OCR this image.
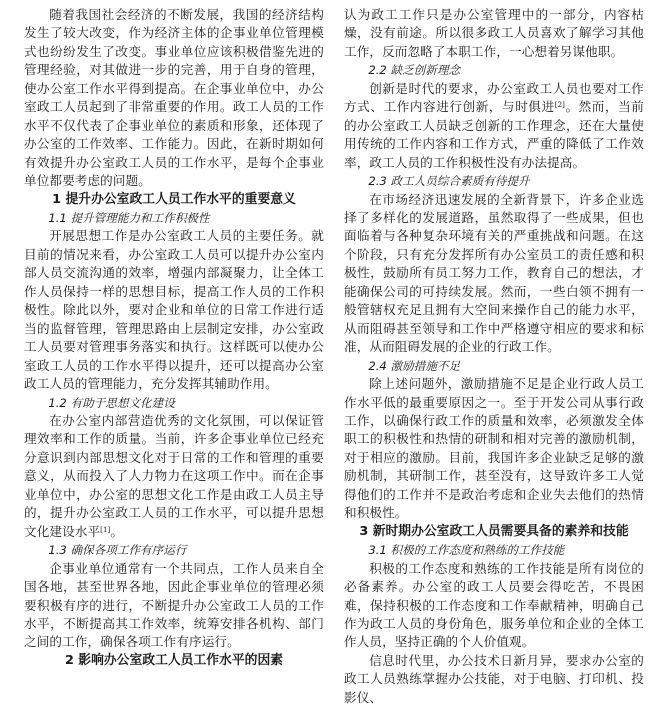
随着我国社会经济的不断发展，我国的经济结构发生了较大改变，作为经济主体的企事业单位管理模式也纷纷发生了改变。事业单位应该积极借鉴先进的管理经验，对其做进一步的完善，用于自身的管理，使办公室工作水平得到提高。在企事业单位中，办公室政工人员起到了非常重要的作用。政工人员的工作水平不仅代表了企事业单位的素质和形象，还体现了办公室的工作效率、工作能力。因此，在新时期如何有效提升办公室政工人员的工作水平，是每个企事业单位都要考虑的问题。

1 提升办公室政工人员工作水平的重要意义

1.1 提升管理能力和工作积极性

开展思想工作是办公室政工人员的主要任务。就目前的情况来看，办公室政工人员可以提升办公室内部人员交流沟通的效率，增强内部凝聚力，让全体工作人员保持一样的思想目标，提高工作人员的工作积极性。除此以外，要对企业和单位的日常工作进行适当的监督管理，管理思路由上层制定安排，办公室政工人员要对管理事务落实和执行。这样既可以使办公室政工人员的工作水平得以提升，还可以提高办公室政工人员的管理能力，充分发挥其辅助作用。

1.2 有助于思想文化建设

在办公室内部营造优秀的文化氛围，可以保证管理效率和工作的质量。当前，许多企事业单位已经充分意识到内部思想文化对于日常的工作和管理的重要意义，从而投入了人力物力在这项工作中。而在企事业单位中，办公室的思想文化工作是由政工人员主导的，提升办公室政工人员的工作水平，可以提升思想文化建设水平[1]。

1.3 确保各项工作有序运行

企事业单位通常有一个共同点，工作人员来自全国各地，甚至世界各地，因此企事业单位的管理必须要积极有序的进行，不断提升办公室政工人员的工作水平，不断提高其工作效率，统筹安排各机构、部门之间的工作，确保各项工作有序运行。

2 影响办公室政工人员工作水平的因素

认为政工工作只是办公室管理中的一部分，内容枯燥，没有前途。所以很多政工人员喜欢了解学习其他工作，反而忽略了本职工作，一心想着另谋他职。

2.2 缺乏创新理念

创新是时代的要求，办公室政工人员也要对工作方式、工作内容进行创新，与时俱进[2]。然而，当前的办公室政工人员缺乏创新的工作理念，还在大量使用传统的工作内容和工作方式，严重的降低了工作效率，政工人员的工作积极性没有办法提高。

2.3 政工人员综合素质有待提升

在市场经济迅速发展的全新背景下，许多企业选择了多样化的发展道路，虽然取得了一些成果，但也面临着与各种复杂环境有关的严重挑战和问题。在这个阶段，只有充分发挥所有办公室员工的责任感和积极性，鼓励所有员工努力工作，教育自己的想法，才能确保公司的可持续发展。然而，一些白领不拥有一般管辖权充足且拥有大空间来操作自己的能力水平，从而阻碍甚至领导和工作中严格遵守相应的要求和标准，从而阻碍发展的企业的行政工作。

2.4 激励措施不足

除上述问题外，激励措施不足是企业行政人员工作水平低的最重要原因之一。至于开发公司从事行政工作，以确保行政工作的质量和效率，必须激发全体职工的积极性和热情的研制和相对完善的激励机制，对于相应的激励。目前，我国许多企业缺乏足够的激励机制，其研制工作，甚至没有，这导致许多工人觉得他们的工作并不是政治考虑和企业失去他们的热情和积极性。

3 新时期办公室政工人员需要具备的素养和技能

3.1 积极的工作态度和熟练的工作技能

积极的工作态度和熟练的工作技能是所有岗位的必备素养。办公室的政工人员要会得吃苦，不畏困难，保持积极的工作态度和工作奉献精神，明确自己作为政工人员的身份角色，服务单位和企业的全体工作人员，坚持正确的个人价值观。

信息时代里，办公技术日新月异，要求办公室的政工人员熟练掌握办公技能，对于电脑、打印机、投影仪、
